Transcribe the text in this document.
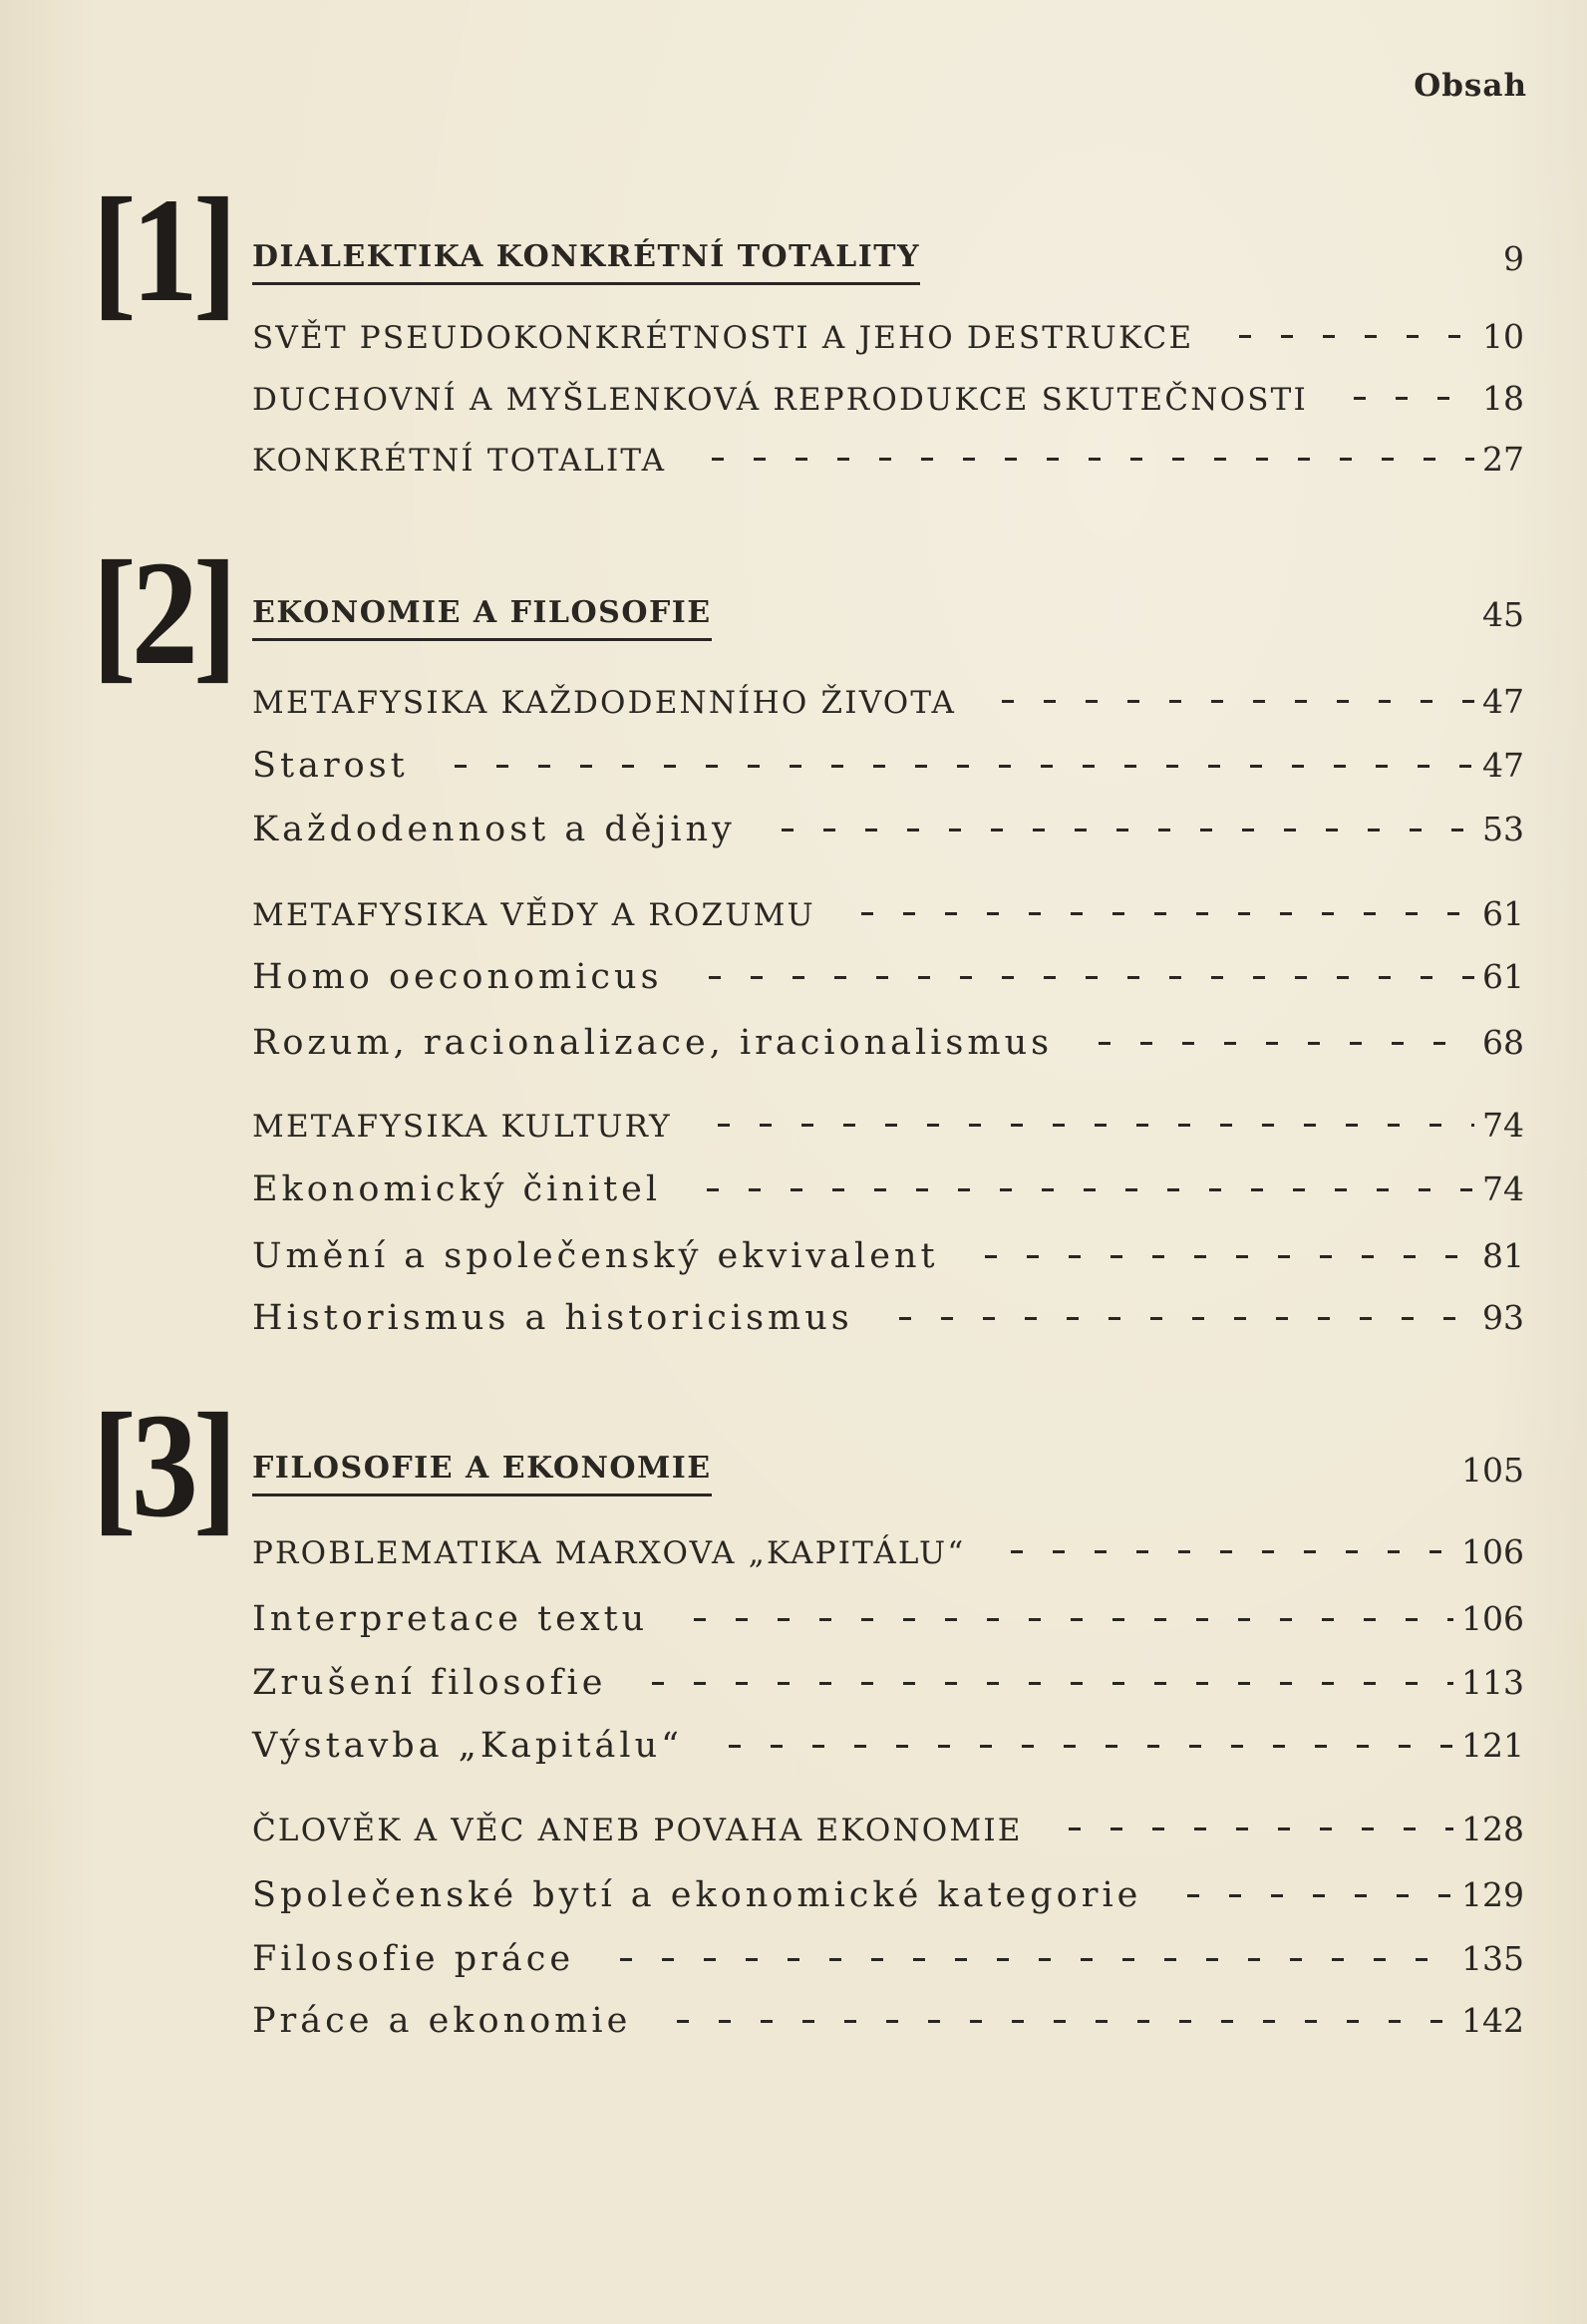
Obsah
[1] DIALEKTIKA KONKRÉTNÍ TOTALITY	9
SVĚT PSEUDOKONKRÉTNOSTI A JEHO DESTRUKCE	10
DUCHOVNÍ A MYŠLENKOVÁ REPRODUKCE SKUTEČNOSTI	18
KONKRÉTNÍ TOTALITA	27
[2] EKONOMIE A FILOSOFIE	45
METAFYSIKA KAŽDODENNÍHO ŽIVOTA	47
Starost	47
Každodennost a dějiny	53
METAFYSIKA VĚDY A ROZUMU	61
Homo oeconomicus	61
Rozum, racionalizace, iracionalismus	68
METAFYSIKA KULTURY	74
Ekonomický činitel	74
Umění a společenský ekvivalent	81
Historismus a historicismus	93
[3] FILOSOFIE A EKONOMIE	105
PROBLEMATIKA MARXOVA „KAPITÁLU“	106
Interpretace textu	106
Zrušení filosofie	113
Výstavba „Kapitálu“	121
ČLOVĚK A VĚC ANEB POVAHA EKONOMIE	128
Společenské bytí a ekonomické kategorie	129
Filosofie práce	135
Práce a ekonomie	142
